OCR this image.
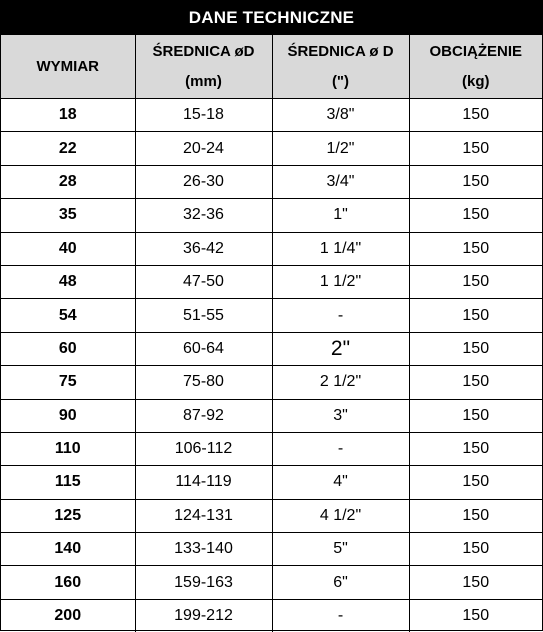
DANE TECHNICZNE
WYMIAR	ŚREDNICA øD
(mm)	ŚREDNICA ø D
(")	OBCIĄŻENIE
(kg)

18	15-18	3/8"	150
22	20-24	1/2"	150
28	26-30	3/4"	150
35	32-36	1"	150
40	36-42	1 1/4"	150
48	47-50	1 1/2"	150
54	51-55	-	150
60	60-64	2"	150
75	75-80	2 1/2"	150
90	87-92	3"	150
110	106-112	-	150
115	114-119	4"	150
125	124-131	4 1/2"	150
140	133-140	5"	150
160	159-163	6"	150
200	199-212	-	150
